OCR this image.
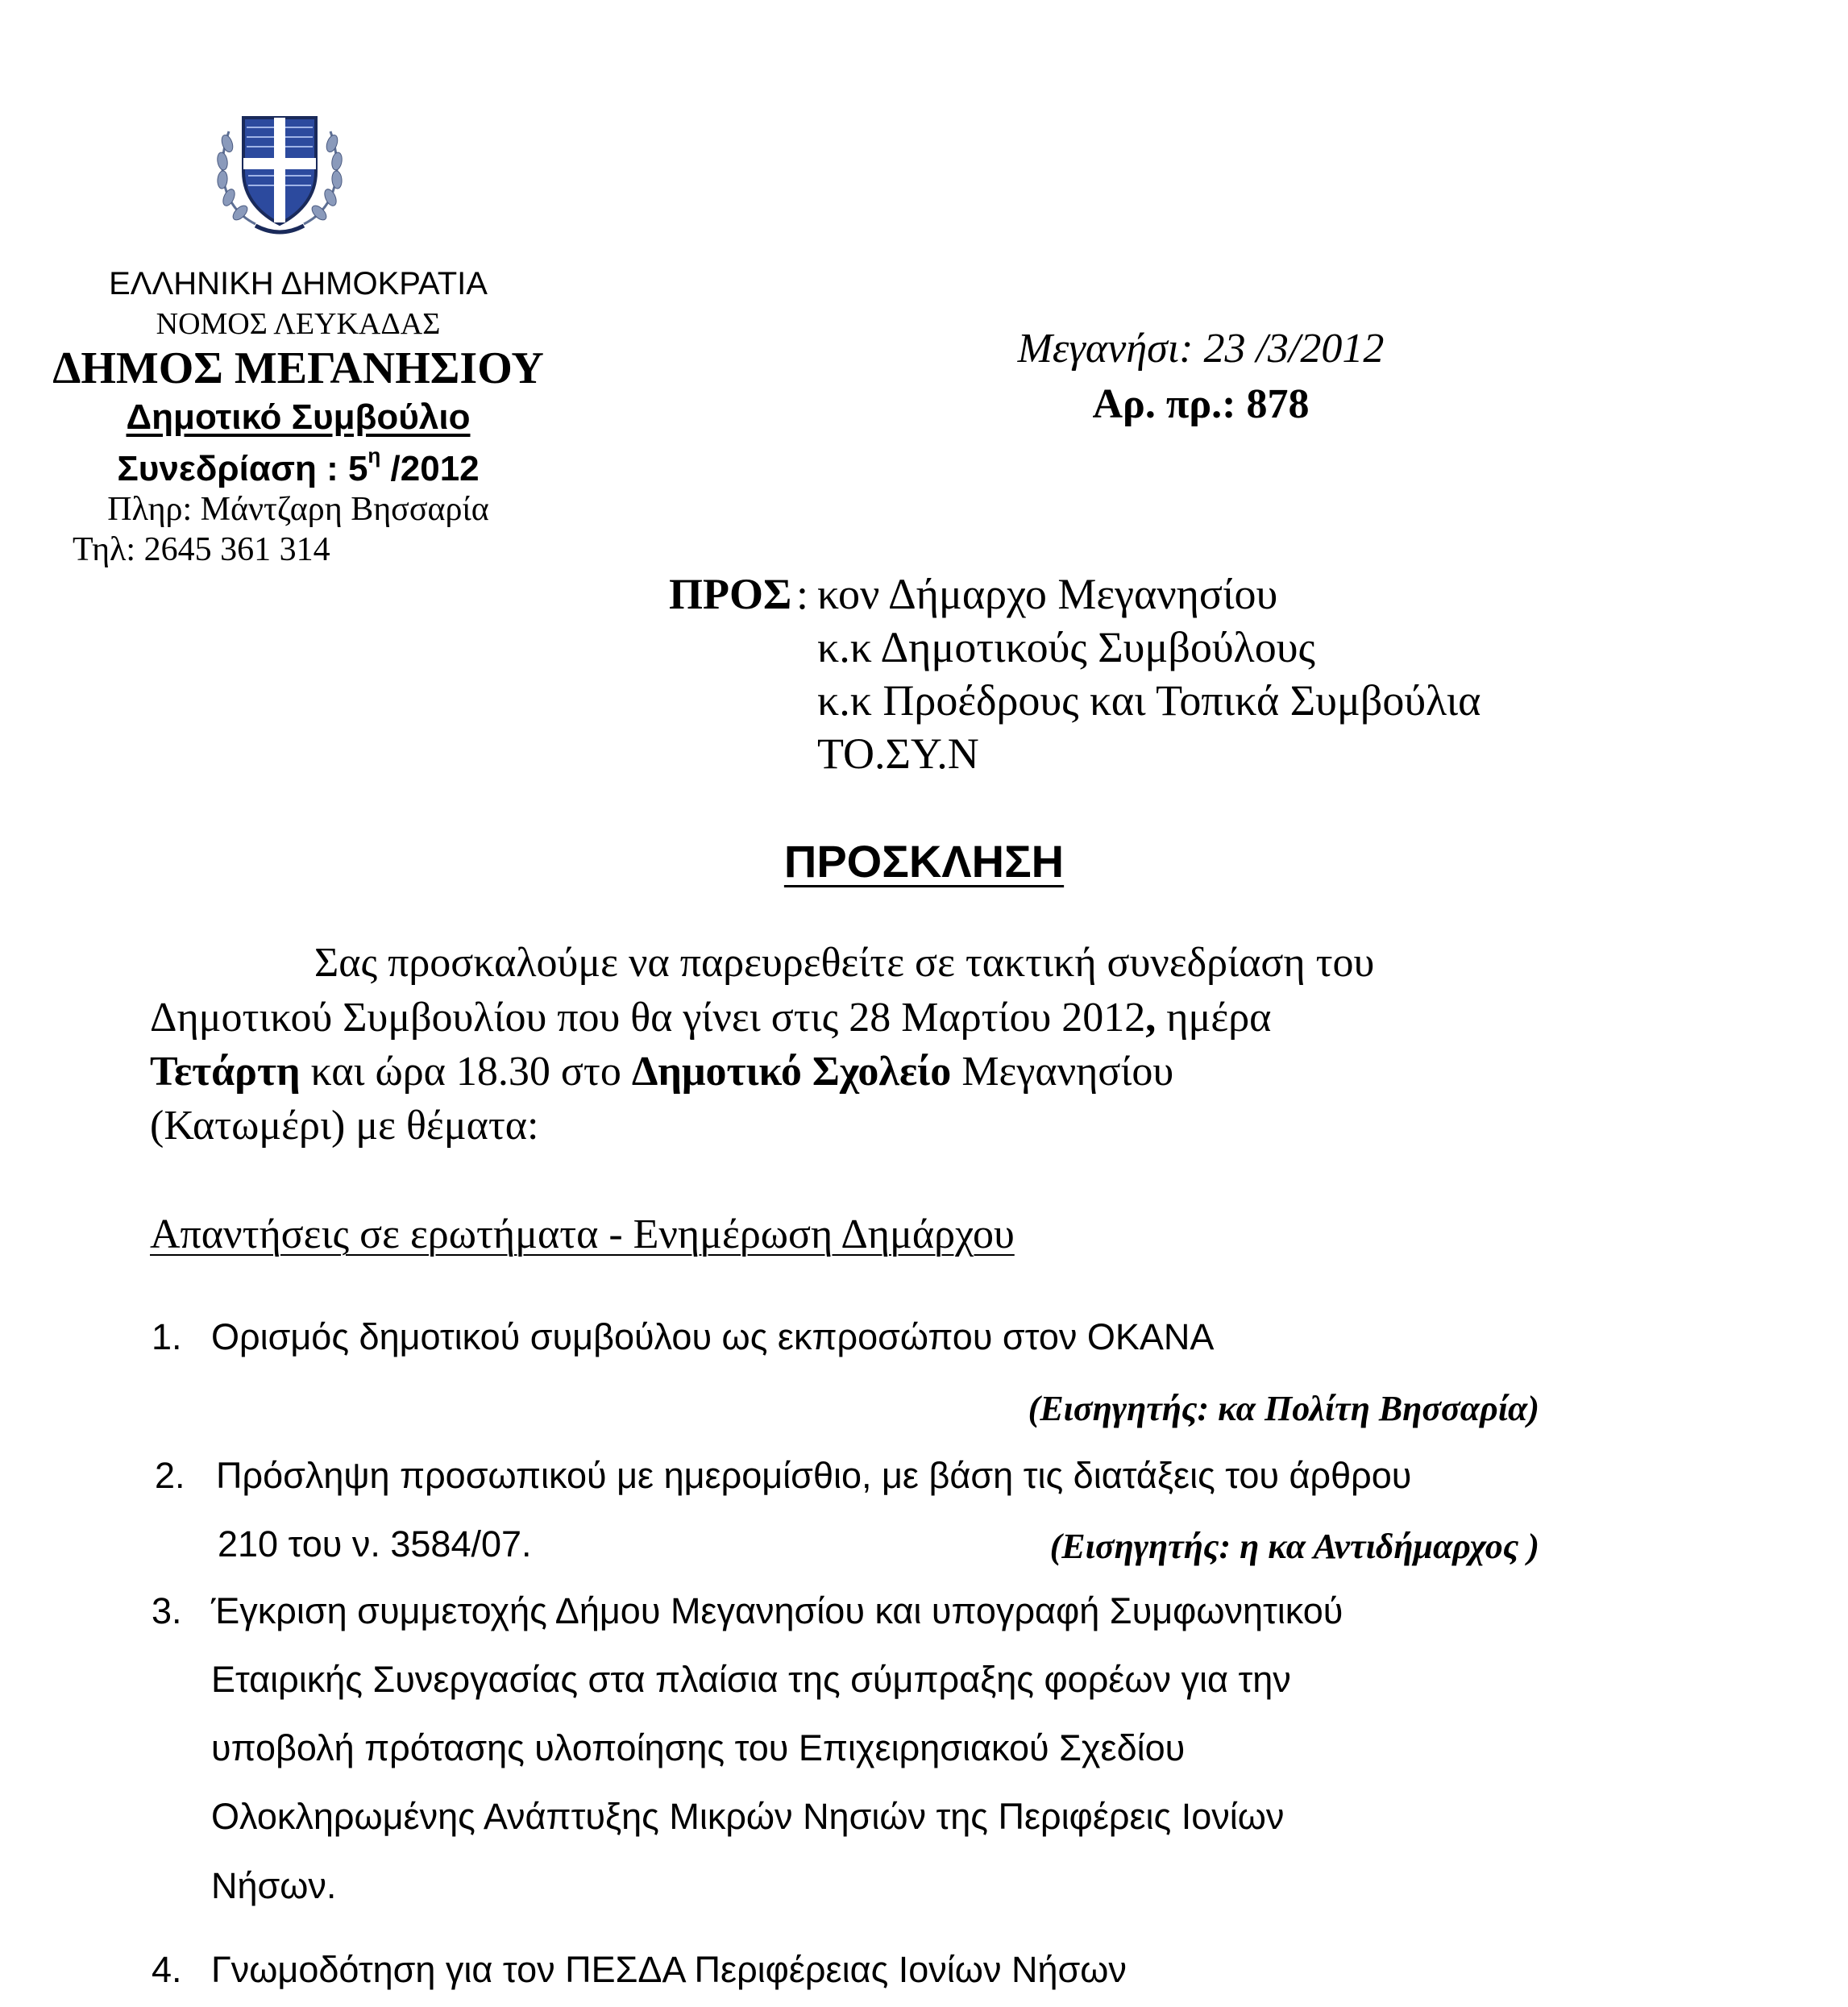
ΕΛΛΗΝΙΚΗ ΔΗΜΟΚΡΑΤΙΑ
ΝΟΜΟΣ ΛΕΥΚΑΔΑΣ
ΔΗΜΟΣ ΜΕΓΑΝΗΣΙΟΥ
Δημοτικό Συμβούλιο
Συνεδρίαση : $5^\eta$ /2012
Πληρ: Μάντζαρη Βησσαρία
Τηλ: 2645 361 314
Μεγανήσι: 23 /3/2012
Αρ. πρ.: 878
ΠΡΟΣ : κον Δήμαρχο Μεγανησίου
κ.κ Δημοτικούς Συμβούλους
κ.κ Προέδρους και Τοπικά Συμβούλια
ΤΟ.ΣΥ.Ν
ΠΡΟΣΚΛΗΣΗ
Σας προσκαλούμε να παρευρεθείτε σε τακτική συνεδρίαση του
Δημοτικού Συμβουλίου που θα γίνει στις 28 Μαρτίου 2012, ημέρα
Τετάρτη και ώρα 18.30 στο Δημοτικό Σχολείο Μεγανησίου
(Κατωμέρι) με θέματα:
Απαντήσεις σε ερωτήματα - Ενημέρωση Δημάρχου
1. Ορισμός δημοτικού συμβούλου ως εκπροσώπου στον ΟΚΑΝΑ
(Εισηγητής: κα Πολίτη Βησσαρία)
2. Πρόσληψη προσωπικού με ημερομίσθιο, με βάση τις διατάξεις του άρθρου
210 του ν. 3584/07.	(Εισηγητής: η κα Αντιδήμαρχος )
3. Έγκριση συμμετοχής Δήμου Μεγανησίου και υπογραφή Συμφωνητικού
Εταιρικής Συνεργασίας στα πλαίσια της σύμπραξης φορέων για την
υποβολή πρότασης υλοποίησης του Επιχειρησιακού Σχεδίου
Ολοκληρωμένης Ανάπτυξης Μικρών Νησιών της Περιφέρεις Ιονίων
Νήσων.
4. Γνωμοδότηση για τον ΠΕΣΔΑ Περιφέρειας Ιονίων Νήσων
